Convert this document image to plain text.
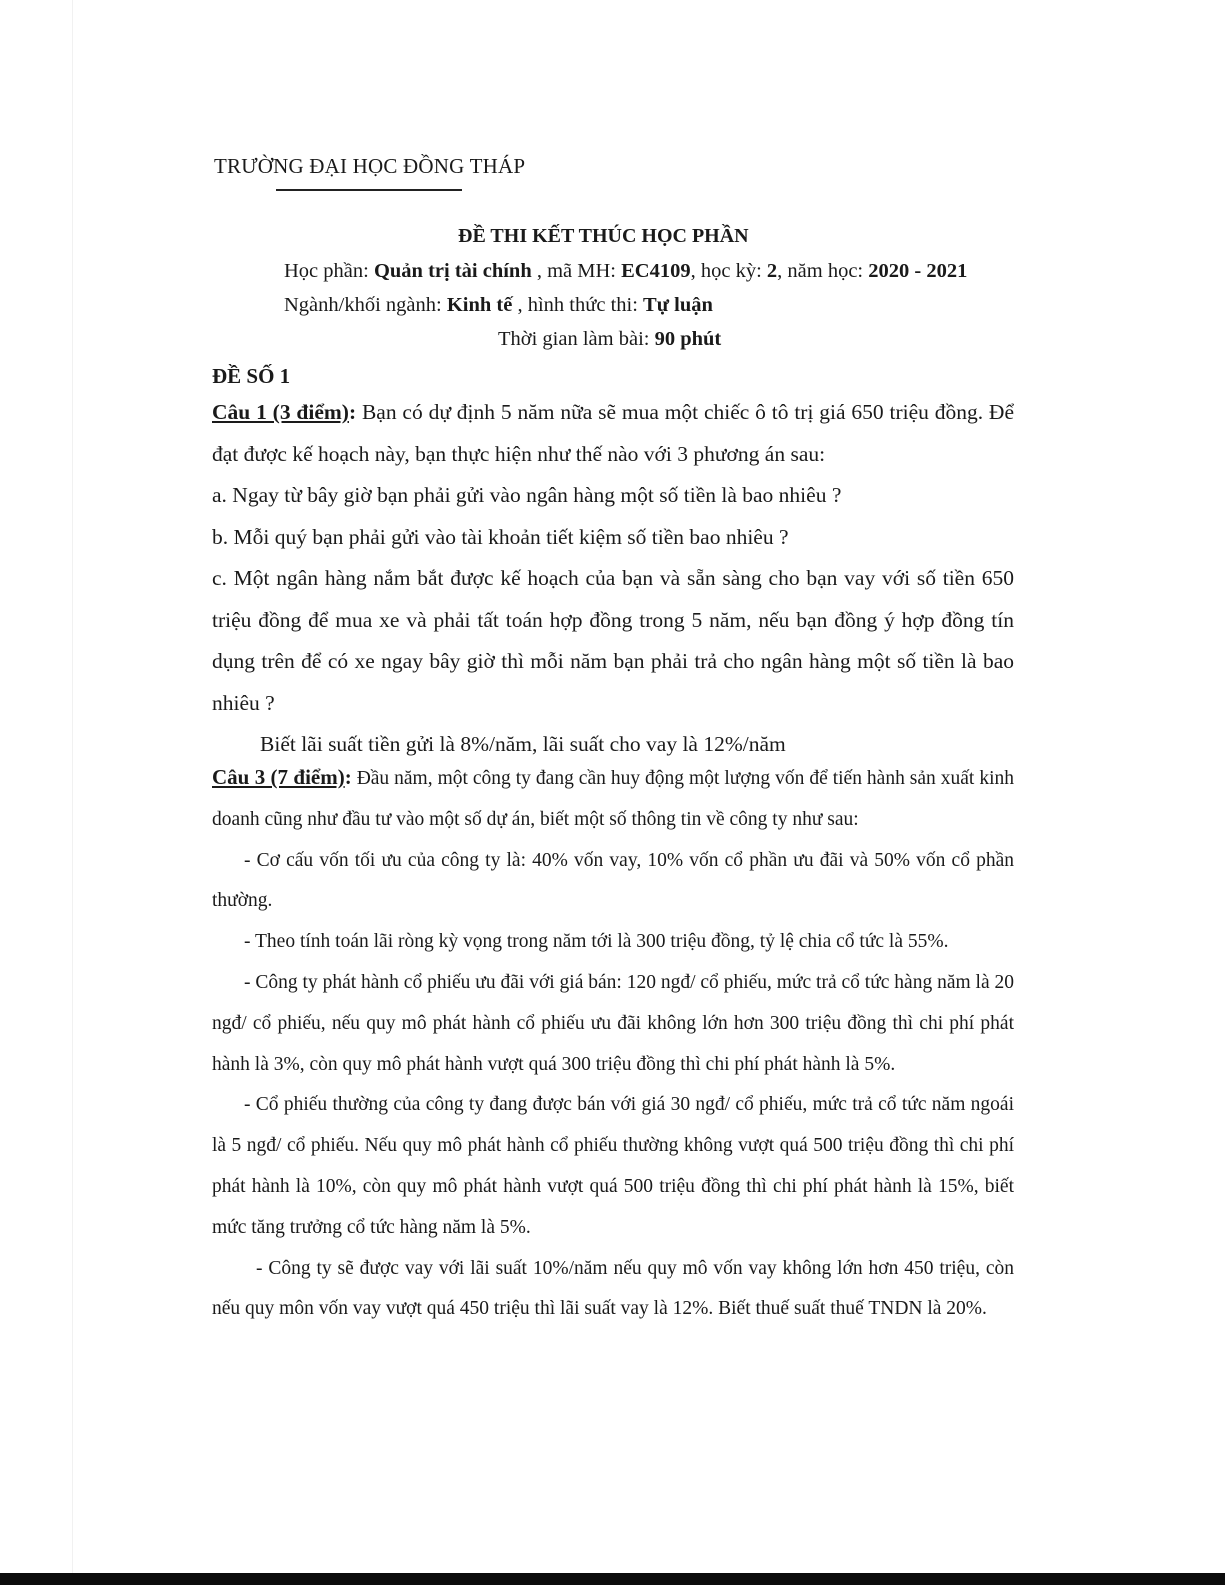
TRƯỜNG ĐẠI HỌC ĐỒNG THÁP
ĐỀ THI KẾT THÚC HỌC PHẦN
Học phần: Quản trị tài chính , mã MH: EC4109, học kỳ: 2, năm học: 2020 - 2021
Ngành/khối ngành: Kinh tế , hình thức thi: Tự luận
Thời gian làm bài: 90 phút
ĐỀ SỐ 1

Câu 1 (3 điểm): Bạn có dự định 5 năm nữa sẽ mua một chiếc ô tô trị giá 650 triệu đồng. Để đạt được kế hoạch này, bạn thực hiện như thế nào với 3 phương án sau:

a. Ngay từ bây giờ bạn phải gửi vào ngân hàng một số tiền là bao nhiêu ?

b. Mỗi quý bạn phải gửi vào tài khoản tiết kiệm số tiền bao nhiêu ?

c. Một ngân hàng nắm bắt được kế hoạch của bạn và sẵn sàng cho bạn vay với số tiền 650 triệu đồng để mua xe và phải tất toán hợp đồng trong 5 năm, nếu bạn đồng ý hợp đồng tín dụng trên để có xe ngay bây giờ thì mỗi năm bạn phải trả cho ngân hàng một số tiền là bao nhiêu ?

Biết lãi suất tiền gửi là 8%/năm, lãi suất cho vay là 12%/năm

Câu 3 (7 điểm): Đầu năm, một công ty đang cần huy động một lượng vốn để tiến hành sản xuất kinh doanh cũng như đầu tư vào một số dự án, biết một số thông tin về công ty như sau:

- Cơ cấu vốn tối ưu của công ty là: 40% vốn vay, 10% vốn cổ phần ưu đãi và 50% vốn cổ phần thường.

- Theo tính toán lãi ròng kỳ vọng trong năm tới là 300 triệu đồng, tỷ lệ chia cổ tức là 55%.

- Công ty phát hành cổ phiếu ưu đãi với giá bán: 120 ngđ/ cổ phiếu, mức trả cổ tức hàng năm là 20 ngđ/ cổ phiếu, nếu quy mô phát hành cổ phiếu ưu đãi không lớn hơn 300 triệu đồng thì chi phí phát hành là 3%, còn quy mô phát hành vượt quá 300 triệu đồng thì chi phí phát hành là 5%.

- Cổ phiếu thường của công ty đang được bán với giá 30 ngđ/ cổ phiếu, mức trả cổ tức năm ngoái là 5 ngđ/ cổ phiếu. Nếu quy mô phát hành cổ phiếu thường không vượt quá 500 triệu đồng thì chi phí phát hành là 10%, còn quy mô phát hành vượt quá 500 triệu đồng thì chi phí phát hành là 15%, biết mức tăng trưởng cổ tức hàng năm là 5%.

- Công ty sẽ được vay với lãi suất 10%/năm nếu quy mô vốn vay không lớn hơn 450 triệu, còn nếu quy môn vốn vay vượt quá 450 triệu thì lãi suất vay là 12%. Biết thuế suất thuế TNDN là 20%.
